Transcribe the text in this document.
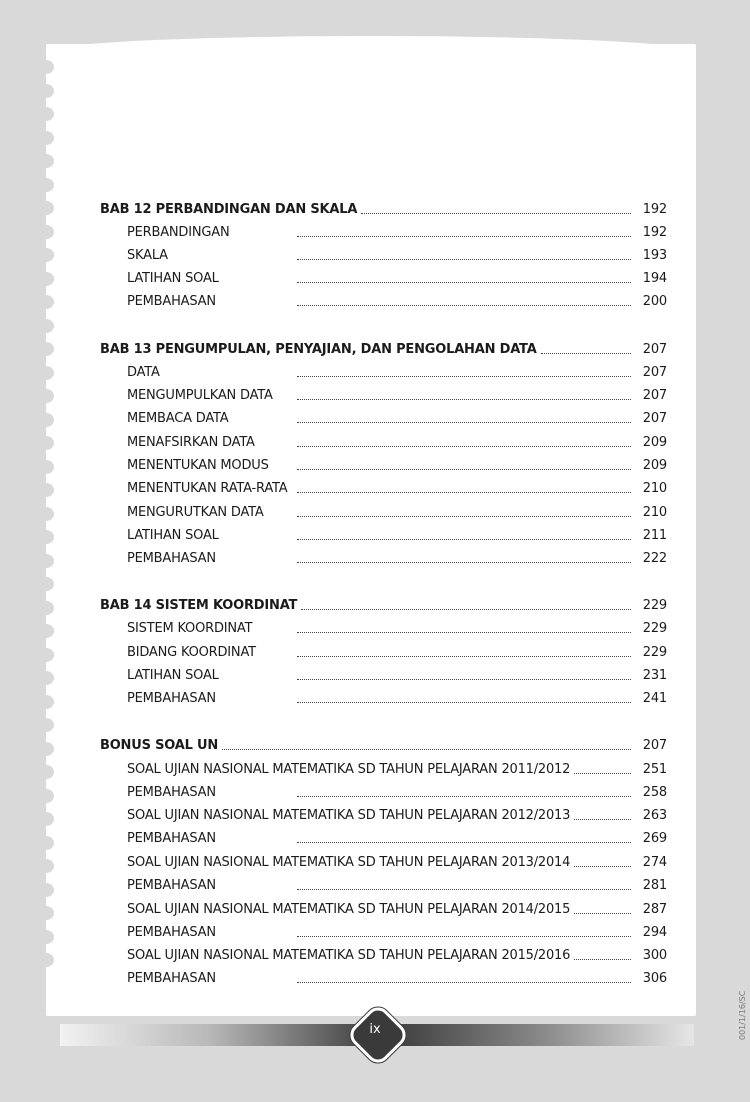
BAB 12 PERBANDINGAN DAN SKALA	192
PERBANDINGAN	192
SKALA	193
LATIHAN SOAL	194
PEMBAHASAN	200
BAB 13 PENGUMPULAN, PENYAJIAN, DAN PENGOLAHAN DATA	207
DATA	207
MENGUMPULKAN DATA	207
MEMBACA DATA	207
MENAFSIRKAN DATA	209
MENENTUKAN MODUS	209
MENENTUKAN RATA-RATA	210
MENGURUTKAN DATA	210
LATIHAN SOAL	211
PEMBAHASAN	222
BAB 14 SISTEM KOORDINAT	229
SISTEM KOORDINAT	229
BIDANG KOORDINAT	229
LATIHAN SOAL	231
PEMBAHASAN	241
BONUS SOAL UN	207
SOAL UJIAN NASIONAL MATEMATIKA SD TAHUN PELAJARAN 2011/2012	251
PEMBAHASAN	258
SOAL UJIAN NASIONAL MATEMATIKA SD TAHUN PELAJARAN 2012/2013	263
PEMBAHASAN	269
SOAL UJIAN NASIONAL MATEMATIKA SD TAHUN PELAJARAN 2013/2014	274
PEMBAHASAN	281
SOAL UJIAN NASIONAL MATEMATIKA SD TAHUN PELAJARAN 2014/2015	287
PEMBAHASAN	294
SOAL UJIAN NASIONAL MATEMATIKA SD TAHUN PELAJARAN 2015/2016	300
PEMBAHASAN	306
ix	001/1/16/SC
